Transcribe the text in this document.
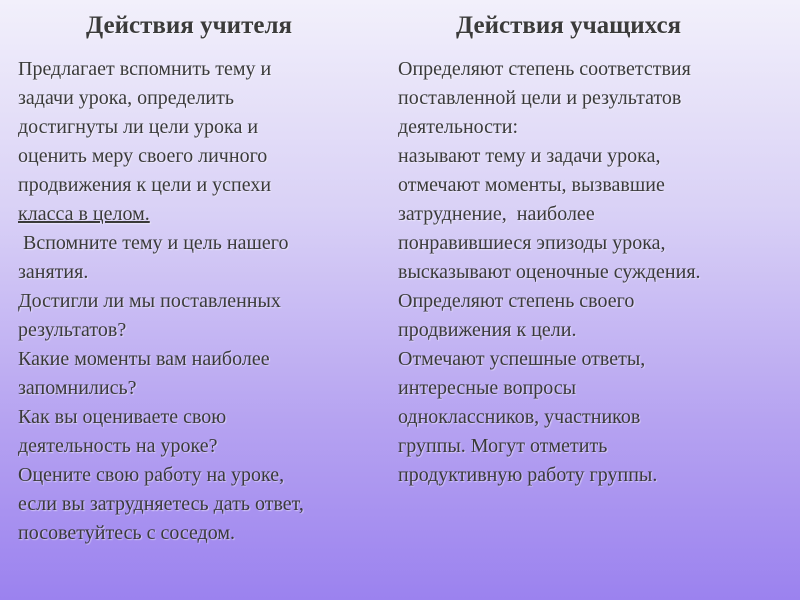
Действия учителя
Предлагает вспомнить тему и
задачи урока, определить
достигнуты ли цели урока и
оценить меру своего личного
продвижения к цели и успехи
класса в целом.
Вспомните тему и цель нашего
занятия.
Достигли ли мы поставленных
результатов?
Какие моменты вам наиболее
запомнились?
Как вы оцениваете свою
деятельность на уроке?
Оцените свою работу на уроке,
если вы затрудняетесь дать ответ,
посоветуйтесь с соседом.
Действия учащихся
Определяют степень соответствия
поставленной цели и результатов
деятельности:
называют тему и задачи урока,
отмечают моменты, вызвавшие
затруднение,  наиболее
понравившиеся эпизоды урока,
высказывают оценочные суждения.
Определяют степень своего
продвижения к цели.
Отмечают успешные ответы,
интересные вопросы
одноклассников, участников
группы. Могут отметить
продуктивную работу группы.
